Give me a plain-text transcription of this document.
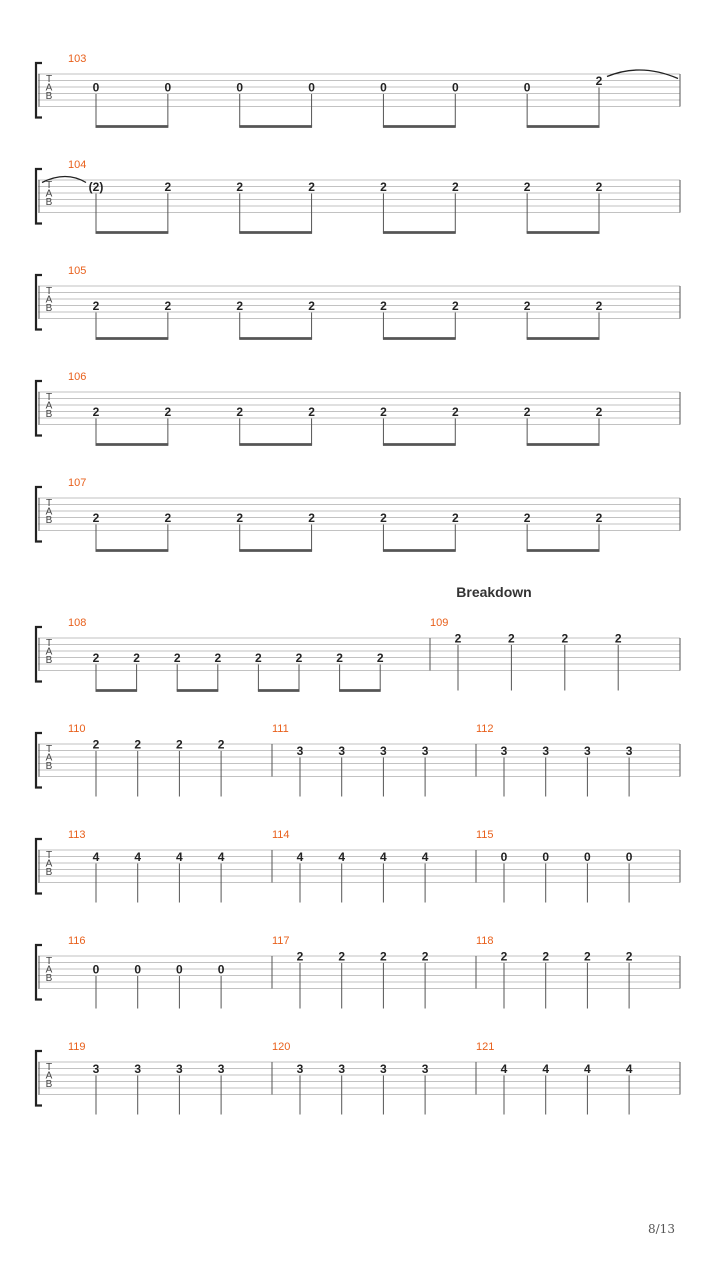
T
A
B
103
0	0	0	0	0	0	0	2
T
A
B
104
(2)	2	2	2	2	2	2	2
T
A
B
105
2	2	2	2	2	2	2	2
T
A
B
106
2	2	2	2	2	2	2	2
T
A
B
107
2	2	2	2	2	2	2	2
T
A
B
Breakdown
108
2	2	2	2	2	2	2	2
109
2	2	2	2
T
A
B
110
2	2	2	2
111
3	3	3	3
112
3	3	3	3
T
A
B
113
4	4	4	4
114
4	4	4	4
115
0	0	0	0
T
A
B
116
0	0	0	0
117
2	2	2	2
118
2	2	2	2
T
A
B
119
3	3	3	3
120
3	3	3	3
121
4	4	4	4
8/13
